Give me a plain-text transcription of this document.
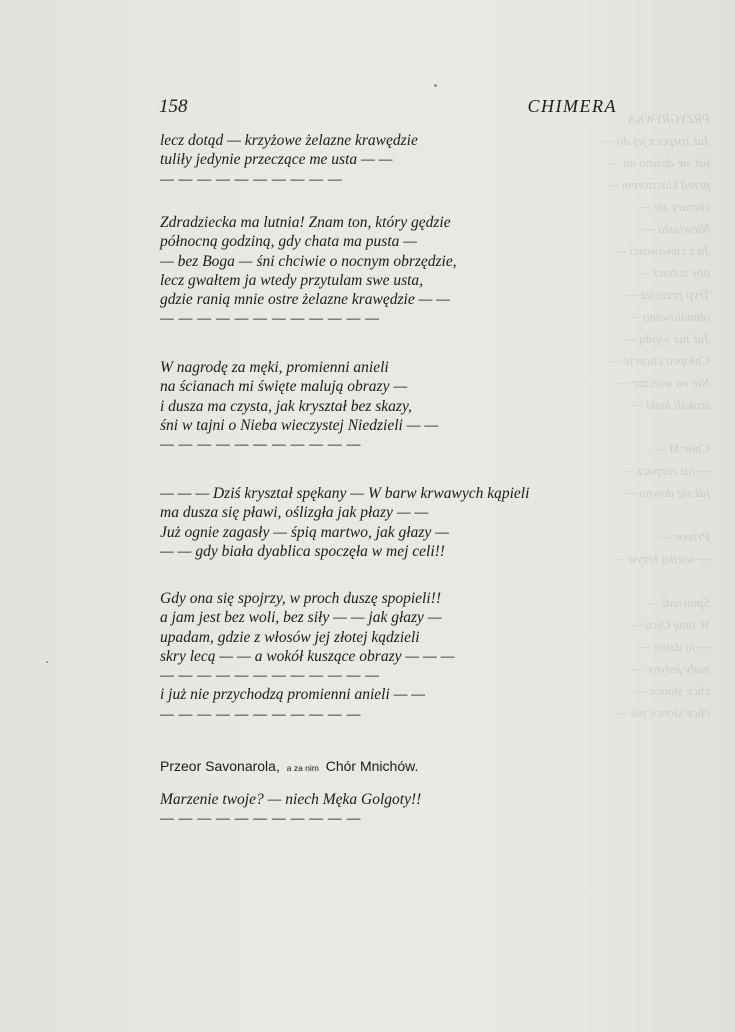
PRZYGRYWKA
Już rozpacz jej do —
już się dawno na —
przed klasztorem —
chmury złe —
Niewiasta —
Ja z ciekawości —
aby zobacz —
Tryp przecież —
obmalowano —
Już nie wyjdą —
Chłopca chcecie —
Nie na wieczor —
szukali łaski —

Chór M —
— już rozpacz —
już się dawno —

Przeor —
— wielką krzyw —

Spowiedź —
W imię Ojca —
— ja dzień —
mały jedyny —
chce słonce —
chce słonce nie —
158	CHIMERA
lecz dotąd — krzyżowe żelazne krawędzie
tuliły jedynie przeczące me usta — —
— — — — — — — — — —
Zdradziecka ma lutnia! Znam ton, który gędzie
północną godziną, gdy chata ma pusta —
— bez Boga — śni chciwie o nocnym obrzędzie,
lecz gwałtem ja wtedy przytulam swe usta,
gdzie ranią mnie ostre żelazne krawędzie — —
— — — — — — — — — — — —
W nagrodę za męki, promienni anieli
na ścianach mi święte malują obrazy —
i dusza ma czysta, jak kryształ bez skazy,
śni w tajni o Nieba wieczystej Niedzieli — —
— — — — — — — — — — —
— — — Dziś kryształ spękany — W barw krwawych kąpieli
ma dusza się pławi, oślizgła jak płazy — —
Już ognie zagasły — śpią martwo, jak głazy —
— — gdy biała dyablica spoczęła w mej celi!!
Gdy ona się spojrzy, w proch duszę spopieli!!
a jam jest bez woli, bez siły — — jak głazy —
upadam, gdzie z włosów jej złotej kądzieli
skry lecą — — a wokół kuszące obrazy — — —
— — — — — — — — — — — —
i już nie przychodzą promienni anieli — —
— — — — — — — — — — —
Przeor Savonarola, a za nim Chór Mnichów.
Marzenie twoje? — niech Męka Golgoty!!
— — — — — — — — — — —
